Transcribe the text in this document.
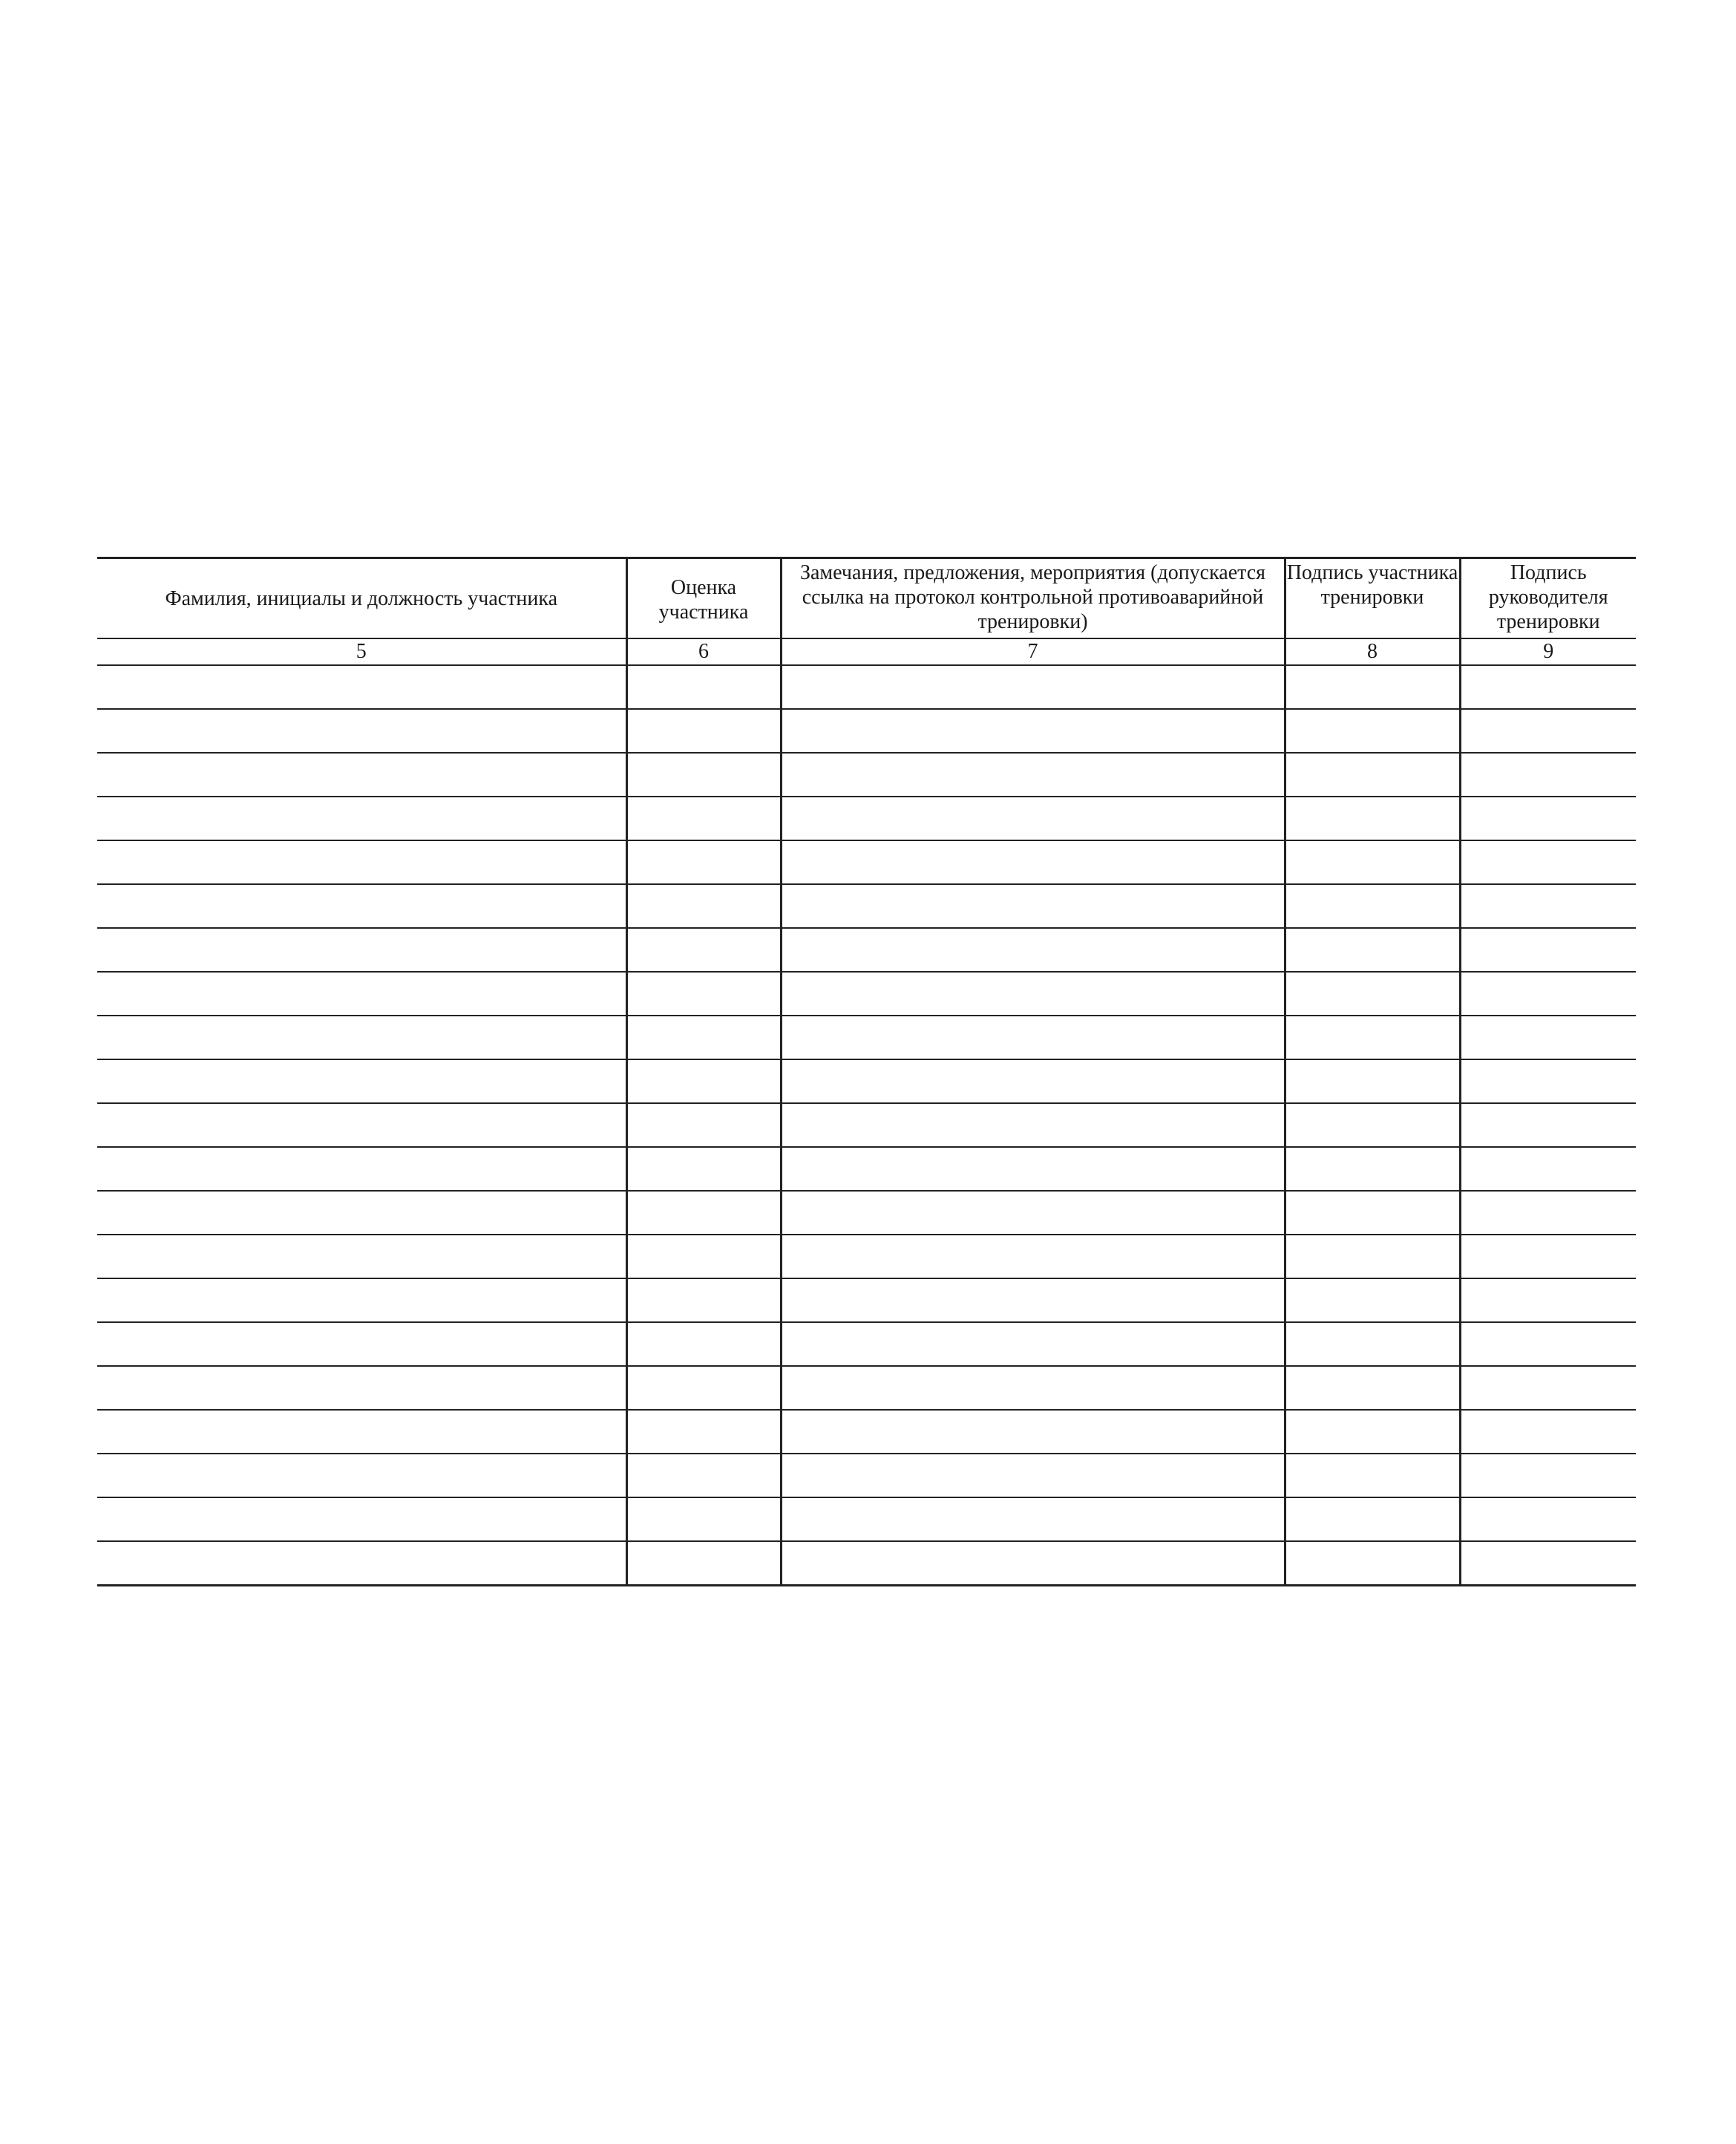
Фамилия, инициалы и должность участника	Оценка участника	Замечания, предложения, мероприятия (допускается ссылка на протокол контрольной противоаварийной тренировки)	Подпись участника тренировки	Подпись руководителя тренировки

5	6	7	8	9
